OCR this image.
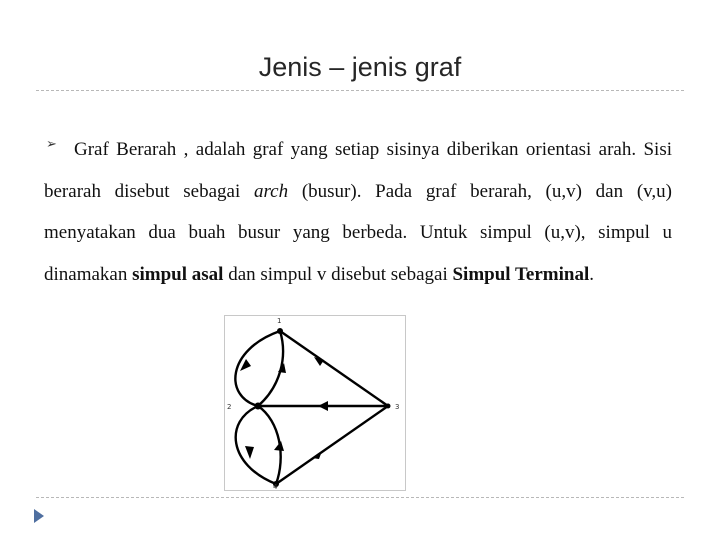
Jenis – jenis graf
➢ Graf Berarah , adalah graf yang setiap sisinya diberikan orientasi arah. Sisi berarah disebut sebagai arch (busur). Pada graf berarah, (u,v) dan (v,u) menyatakan dua buah busur yang berbeda. Untuk simpul (u,v), simpul u dinamakan simpul asal dan simpul v disebut sebagai Simpul Terminal.
1
2	3
4
